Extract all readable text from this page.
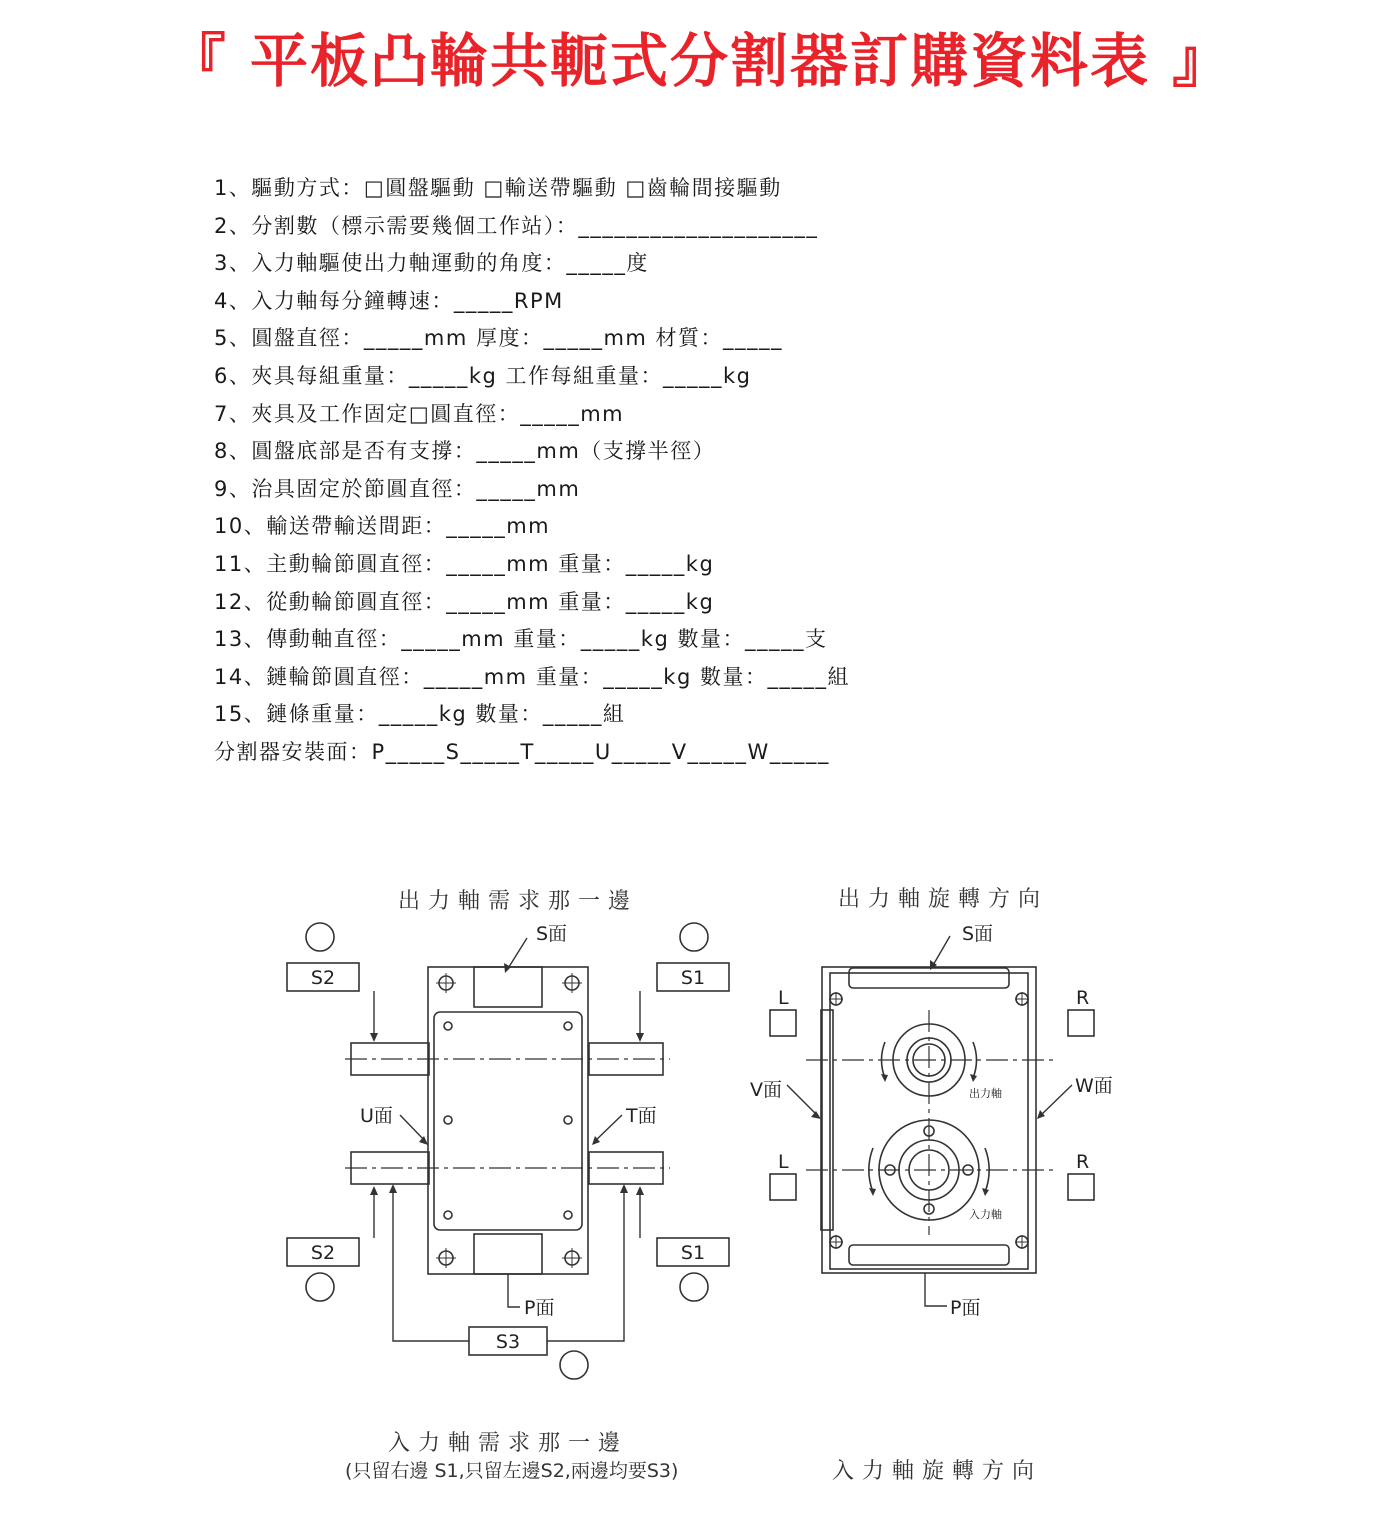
『 平板凸輪共軛式分割器訂購資料表 』
1、驅動方式：□圓盤驅動 □輸送帶驅動 □齒輪間接驅動
2、分割數（標示需要幾個工作站）：____________________
3、入力軸驅使出力軸運動的角度：_____度
4、入力軸每分鐘轉速：_____RPM
5、圓盤直徑：_____mm 厚度：_____mm 材質：_____
6、夾具每組重量：_____kg 工作每組重量：_____kg
7、夾具及工作固定□圓直徑：_____mm
8、圓盤底部是否有支撐：_____mm（支撐半徑）
9、治具固定於節圓直徑：_____mm
10、輸送帶輸送間距：_____mm
11、主動輪節圓直徑：_____mm 重量：_____kg
12、從動輪節圓直徑：_____mm 重量：_____kg
13、傳動軸直徑：_____mm 重量：_____kg 數量：_____支
14、鏈輪節圓直徑：_____mm 重量：_____kg 數量：_____組
15、鏈條重量：_____kg 數量：_____組
分割器安裝面：P_____S_____T_____U_____V_____W_____
出力軸需求那一邊
入力軸需求那一邊
(只留右邊 S1,只留左邊S2,兩邊均要S3)
S2	S1
S2	S1
S3
S面
U面	T面
P面
出力軸旋轉方向
入力軸旋轉方向
S面
V面	W面
P面
L	R
L	R
出力軸
入力軸
